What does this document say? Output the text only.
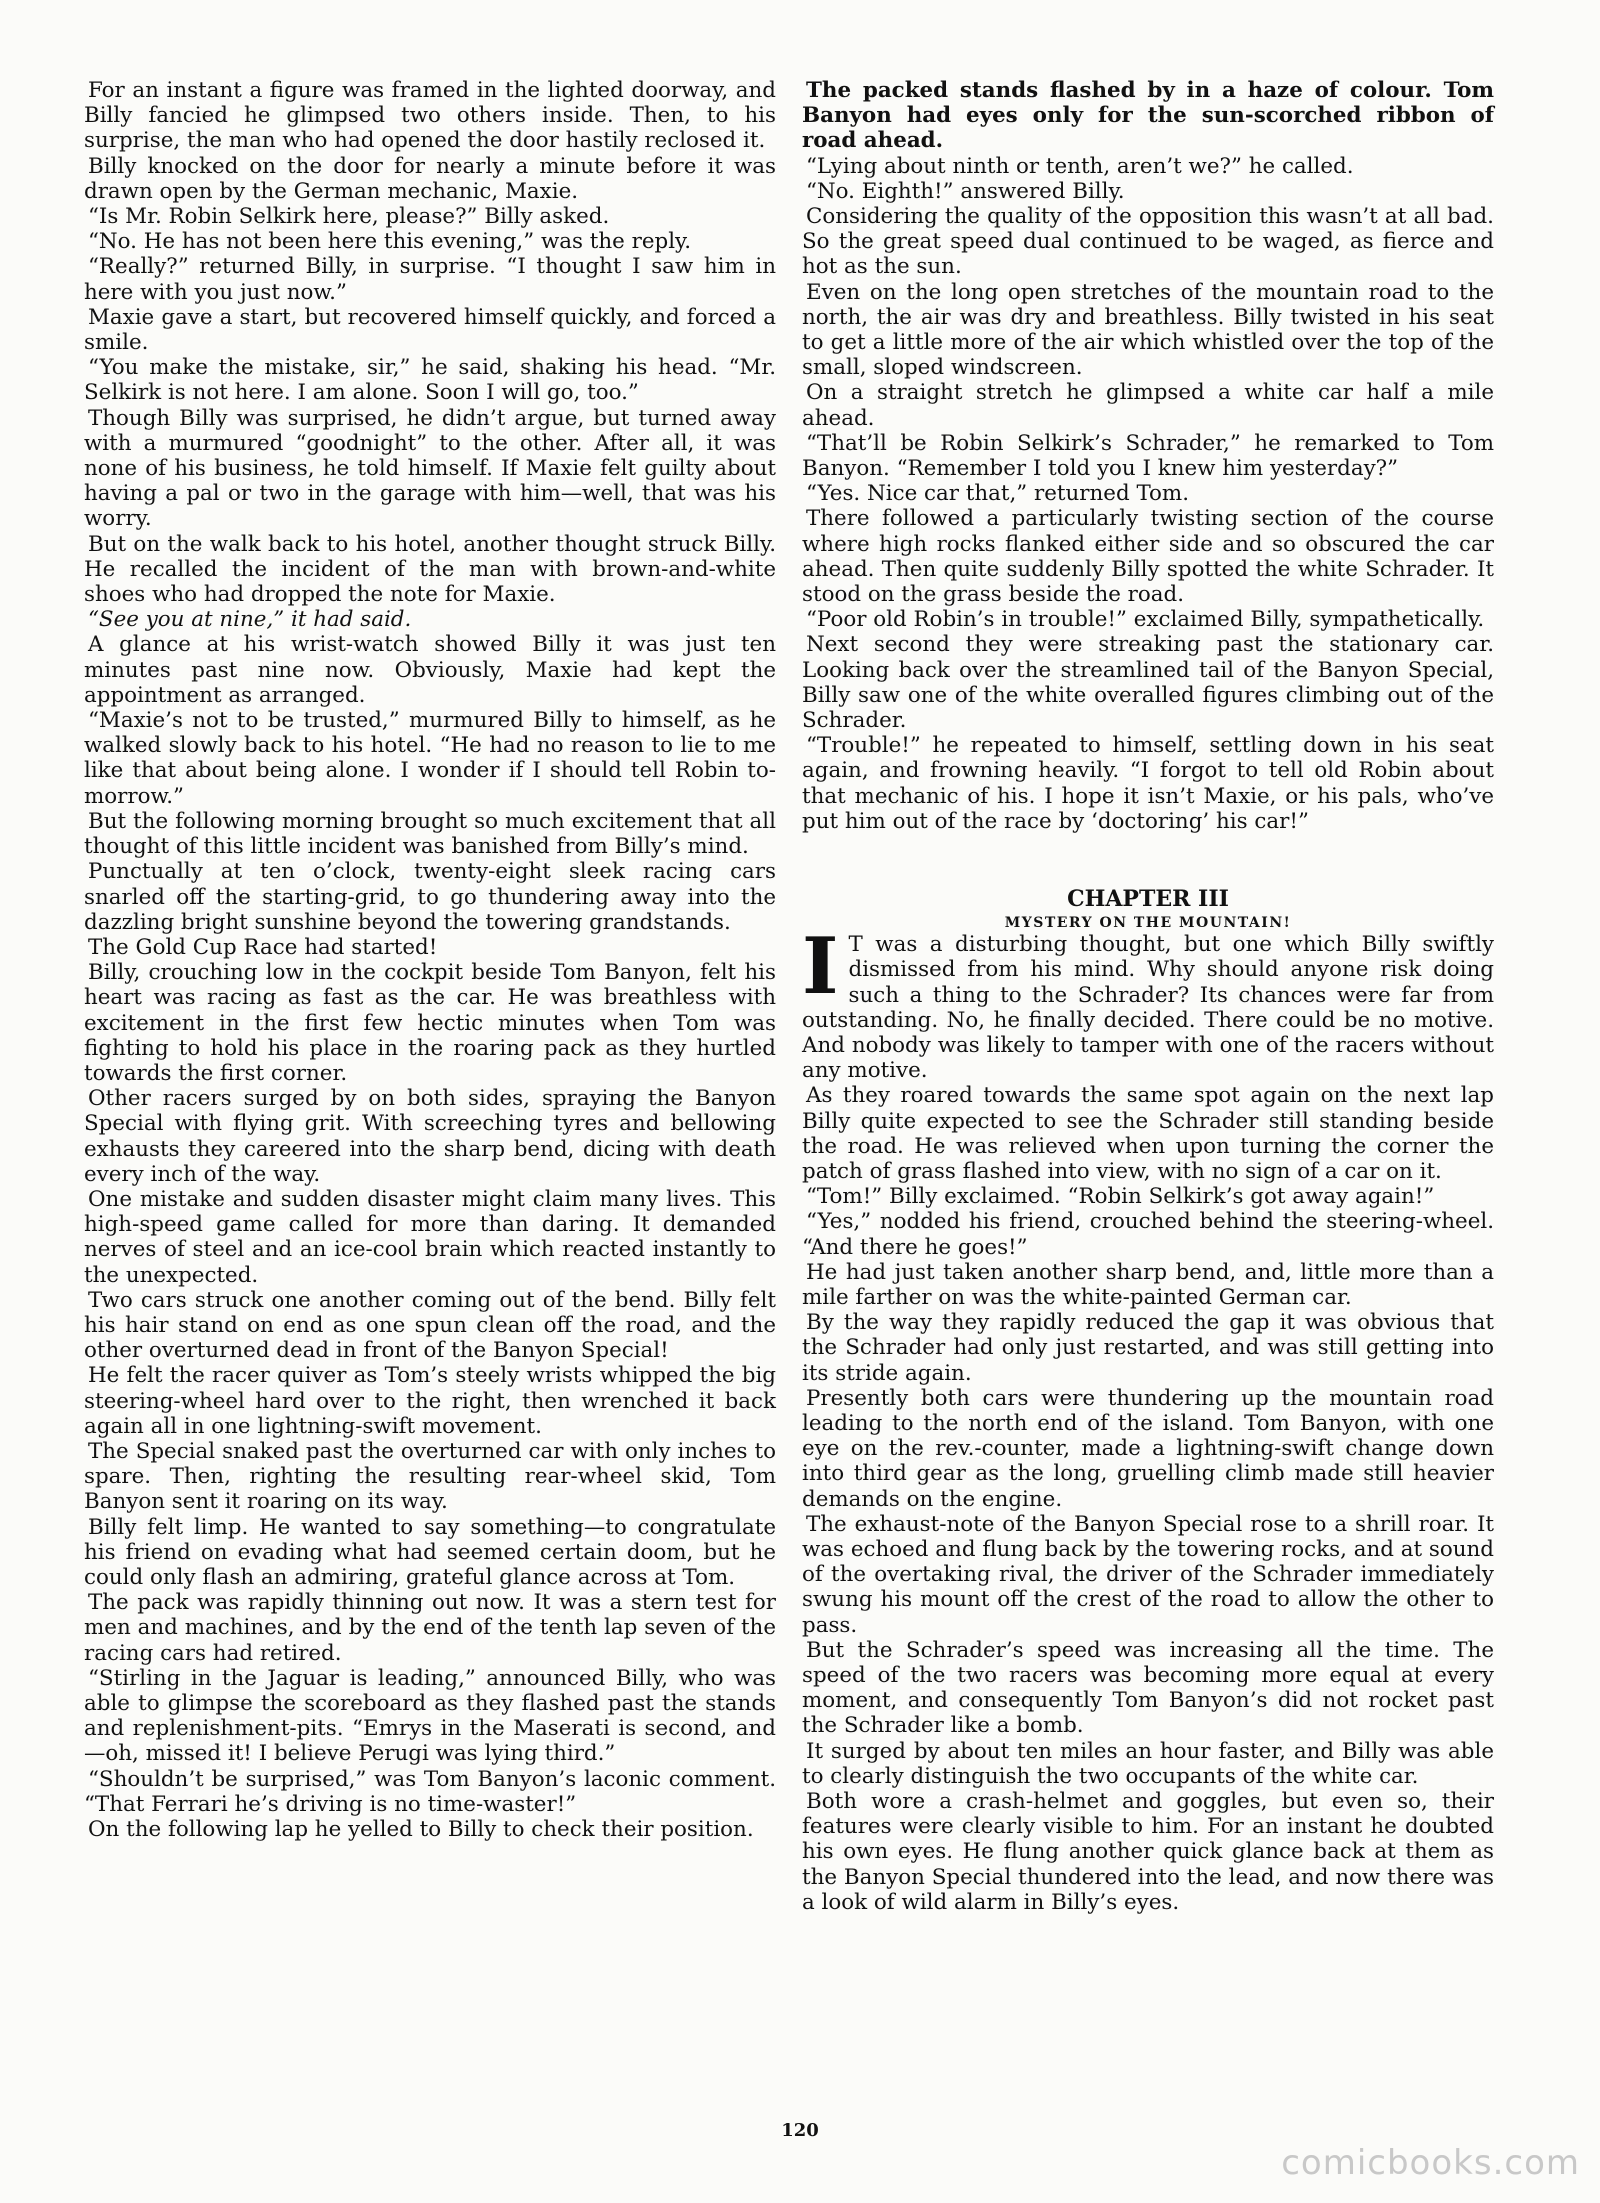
For an instant a figure was framed in the lighted doorway, and Billy fancied he glimpsed two others inside. Then, to his surprise, the man who had opened the door hastily reclosed it.

Billy knocked on the door for nearly a minute before it was drawn open by the German mechanic, Maxie.

“Is Mr. Robin Selkirk here, please?” Billy asked.

“No. He has not been here this evening,” was the reply.

“Really?” returned Billy, in surprise. “I thought I saw him in here with you just now.”

Maxie gave a start, but recovered himself quickly, and forced a smile.

“You make the mistake, sir,” he said, shaking his head. “Mr. Selkirk is not here. I am alone. Soon I will go, too.”

Though Billy was surprised, he didn’t argue, but turned away with a murmured “goodnight” to the other. After all, it was none of his business, he told himself. If Maxie felt guilty about having a pal or two in the garage with him—well, that was his worry.

But on the walk back to his hotel, another thought struck Billy. He recalled the incident of the man with brown-and-white shoes who had dropped the note for Maxie.

“See you at nine,” it had said.

A glance at his wrist-watch showed Billy it was just ten minutes past nine now. Obviously, Maxie had kept the appointment as arranged.

“Maxie’s not to be trusted,” murmured Billy to himself, as he walked slowly back to his hotel. “He had no reason to lie to me like that about being alone. I wonder if I should tell Robin to-morrow.”

But the following morning brought so much excitement that all thought of this little incident was banished from Billy’s mind.

Punctually at ten o’clock, twenty-eight sleek racing cars snarled off the starting-grid, to go thundering away into the dazzling bright sunshine beyond the towering grandstands.

The Gold Cup Race had started!

Billy, crouching low in the cockpit beside Tom Banyon, felt his heart was racing as fast as the car. He was breathless with excitement in the first few hectic minutes when Tom was fighting to hold his place in the roaring pack as they hurtled towards the first corner.

Other racers surged by on both sides, spraying the Banyon Special with flying grit. With screeching tyres and bellowing exhausts they careered into the sharp bend, dicing with death every inch of the way.

One mistake and sudden disaster might claim many lives. This high-speed game called for more than daring. It demanded nerves of steel and an ice-cool brain which reacted instantly to the unexpected.

Two cars struck one another coming out of the bend. Billy felt his hair stand on end as one spun clean off the road, and the other overturned dead in front of the Banyon Special!

He felt the racer quiver as Tom’s steely wrists whipped the big steering-wheel hard over to the right, then wrenched it back again all in one lightning-swift movement.

The Special snaked past the overturned car with only inches to spare. Then, righting the resulting rear-wheel skid, Tom Banyon sent it roaring on its way.

Billy felt limp. He wanted to say something—to congratulate his friend on evading what had seemed certain doom, but he could only flash an admiring, grateful glance across at Tom.

The pack was rapidly thinning out now. It was a stern test for men and machines, and by the end of the tenth lap seven of the racing cars had retired.

“Stirling in the Jaguar is leading,” announced Billy, who was able to glimpse the scoreboard as they flashed past the stands and replenishment-pits. “Emrys in the Maserati is second, and—oh, missed it! I believe Perugi was lying third.”

“Shouldn’t be surprised,” was Tom Banyon’s laconic comment. “That Ferrari he’s driving is no time-waster!”

On the following lap he yelled to Billy to check their position.

The packed stands flashed by in a haze of colour. Tom Banyon had eyes only for the sun-scorched ribbon of road ahead.

“Lying about ninth or tenth, aren’t we?” he called.

“No. Eighth!” answered Billy.

Considering the quality of the opposition this wasn’t at all bad. So the great speed dual continued to be waged, as fierce and hot as the sun.

Even on the long open stretches of the mountain road to the north, the air was dry and breathless. Billy twisted in his seat to get a little more of the air which whistled over the top of the small, sloped windscreen.

On a straight stretch he glimpsed a white car half a mile ahead.

“That’ll be Robin Selkirk’s Schrader,” he remarked to Tom Banyon. “Remember I told you I knew him yesterday?”

“Yes. Nice car that,” returned Tom.

There followed a particularly twisting section of the course where high rocks flanked either side and so obscured the car ahead. Then quite suddenly Billy spotted the white Schrader. It stood on the grass beside the road.

“Poor old Robin’s in trouble!” exclaimed Billy, sympathetically.

Next second they were streaking past the stationary car. Looking back over the streamlined tail of the Banyon Special, Billy saw one of the white overalled figures climbing out of the Schrader.

“Trouble!” he repeated to himself, settling down in his seat again, and frowning heavily. “I forgot to tell old Robin about that mechanic of his. I hope it isn’t Maxie, or his pals, who’ve put him out of the race by ‘doctoring’ his car!”

CHAPTER III
MYSTERY ON THE MOUNTAIN!

I T was a disturbing thought, but one which Billy swiftly dismissed from his mind. Why should anyone risk doing such a thing to the Schrader? Its chances were far from outstanding. No, he finally decided. There could be no motive. And nobody was likely to tamper with one of the racers without any motive.

As they roared towards the same spot again on the next lap Billy quite expected to see the Schrader still standing beside the road. He was relieved when upon turning the corner the patch of grass flashed into view, with no sign of a car on it.

“Tom!” Billy exclaimed. “Robin Selkirk’s got away again!”

“Yes,” nodded his friend, crouched behind the steering-wheel. “And there he goes!”

He had just taken another sharp bend, and, little more than a mile farther on was the white-painted German car.

By the way they rapidly reduced the gap it was obvious that the Schrader had only just restarted, and was still getting into its stride again.

Presently both cars were thundering up the mountain road leading to the north end of the island. Tom Banyon, with one eye on the rev.-counter, made a lightning-swift change down into third gear as the long, gruelling climb made still heavier demands on the engine.

The exhaust-note of the Banyon Special rose to a shrill roar. It was echoed and flung back by the towering rocks, and at sound of the overtaking rival, the driver of the Schrader immediately swung his mount off the crest of the road to allow the other to pass.

But the Schrader’s speed was increasing all the time. The speed of the two racers was becoming more equal at every moment, and consequently Tom Banyon’s did not rocket past the Schrader like a bomb.

It surged by about ten miles an hour faster, and Billy was able to clearly distinguish the two occupants of the white car.

Both wore a crash-helmet and goggles, but even so, their features were clearly visible to him. For an instant he doubted his own eyes. He flung another quick glance back at them as the Banyon Special thundered into the lead, and now there was a look of wild alarm in Billy’s eyes.

120
comicbooks.com
